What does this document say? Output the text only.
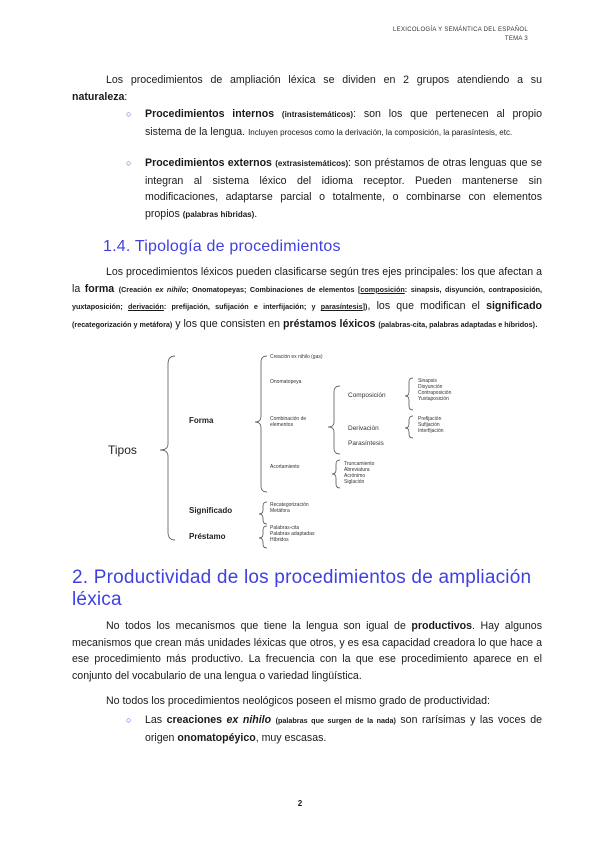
LEXICOLOGÍA Y SEMÁNTICA DEL ESPAÑOL
TEMA 3
Los procedimientos de ampliación léxica se dividen en 2 grupos atendiendo a su naturaleza:
○ Procedimientos internos (intrasistemáticos): son los que pertenecen al propio sistema de la lengua. Incluyen procesos como la derivación, la composición, la parasíntesis, etc.
○ Procedimientos externos (extrasistemáticos): son préstamos de otras lenguas que se integran al sistema léxico del idioma receptor. Pueden mantenerse sin modificaciones, adaptarse parcial o totalmente, o combinarse con elementos propios (palabras híbridas).
1.4. Tipología de procedimientos
Los procedimientos léxicos pueden clasificarse según tres ejes principales: los que afectan a la forma (Creación ex nihilo; Onomatopeyas; Combinaciones de elementos [composición: sinapsis, disyunción, contraposición, yuxtaposición; derivación: prefijación, sufijación e interfijación; y parasíntesis]), los que modifican el significado (recategorización y metáfora) y los que consisten en préstamos léxicos (palabras-cita, palabras adaptadas e híbridos).
Tipos
Forma
Significado
Préstamo
Creación ex nihilo (gas)
Onomatopeya
Combinación de elementos
Acortamiento
Composición
Derivación
Parasíntesis
Sinapsis
Disyunción
Contraposición
Yuxtaposición
Prefijación
Sufijación
Interfijación
Truncamiento
Abreviatura
Acrónimo
Siglación
Recategorización
Metáfora
Palabras-cita
Palabras adaptadas
Híbridos
2. Productividad de los procedimientos de ampliación léxica
No todos los mecanismos que tiene la lengua son igual de productivos. Hay algunos mecanismos que crean más unidades léxicas que otros, y es esa capacidad creadora lo que hace a ese procedimiento más productivo. La frecuencia con la que ese procedimiento aparece en el conjunto del vocabulario de una lengua o variedad lingüística.
No todos los procedimientos neológicos poseen el mismo grado de productividad:
○ Las creaciones ex nihilo (palabras que surgen de la nada) son rarísimas y las voces de origen onomatopéyico, muy escasas.
2
